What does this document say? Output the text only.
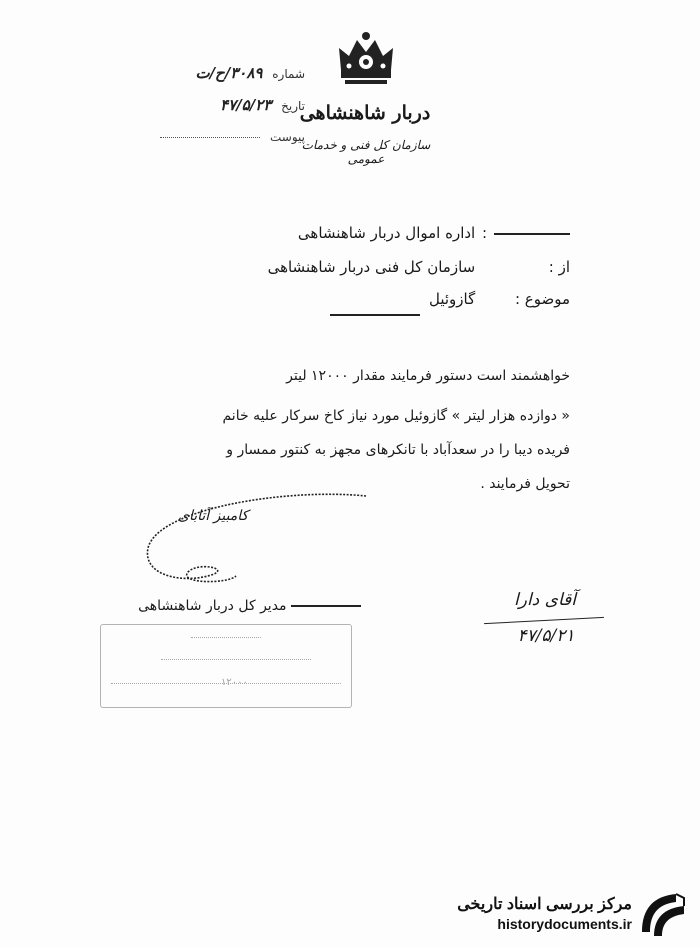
دربار شاهنشاهی
سازمان کل فنی و خدمات عمومی
شماره ۳۰۸۹/ح/ت
تاریخ ۴۷/۵/۲۳
پیوست
: اداره اموال دربار شاهنشاهی
از : سازمان کل فنی دربار شاهنشاهی
موضوع : گازوئیل
خواهشمند است دستور فرمایند مقدار ۱۲۰۰۰ لیتر
« دوازده هزار لیتر » گازوئیل مورد نیاز کاخ سرکار علیه خانم
فریده دیبا را در سعدآباد با تانکرهای مجهز به کنتور ممسار و
تحویل فرمایند .
کامبیز آتابای
مدیر کل دربار شاهنشاهی
۱۲۰۰۰
آقای دارا
۴۷/۵/۲۱
مرکز بررسی اسناد تاریخی
historydocuments.ir
